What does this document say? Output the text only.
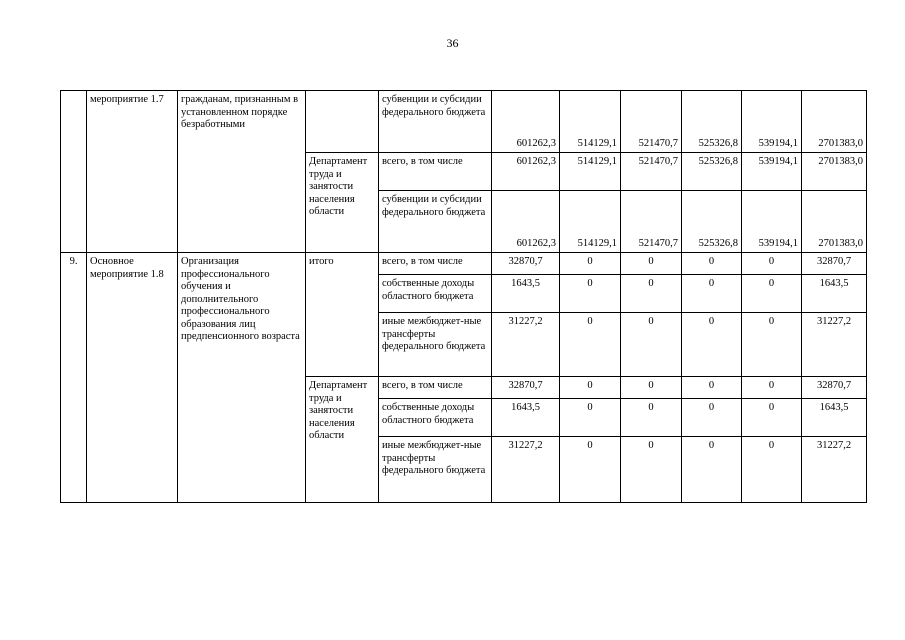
36
	мероприятие 1.7	гражданам, признанным в установленном порядке безработными		субвенции и субсидии федерального бюджета	601262,3	514129,1	521470,7	525326,8	539194,1	2701383,0
			Департамент труда и занятости населения области	всего, в том числе	601262,3	514129,1	521470,7	525326,8	539194,1	2701383,0
				субвенции и субсидии федерального бюджета	601262,3	514129,1	521470,7	525326,8	539194,1	2701383,0
9.	Основное мероприятие 1.8	Организация профессионального обучения и дополнительного профессионального образования лиц предпенсионного возраста	итого	всего, в том числе	32870,7	0	0	0	0	32870,7
				собственные доходы областного бюджета	1643,5	0	0	0	0	1643,5
				иные межбюджет-ные трансферты федерального бюджета	31227,2	0	0	0	0	31227,2
			Департамент труда и занятости населения области	всего, в том числе	32870,7	0	0	0	0	32870,7
				собственные доходы областного бюджета	1643,5	0	0	0	0	1643,5
				иные межбюджет-ные трансферты федерального бюджета	31227,2	0	0	0	0	31227,2
